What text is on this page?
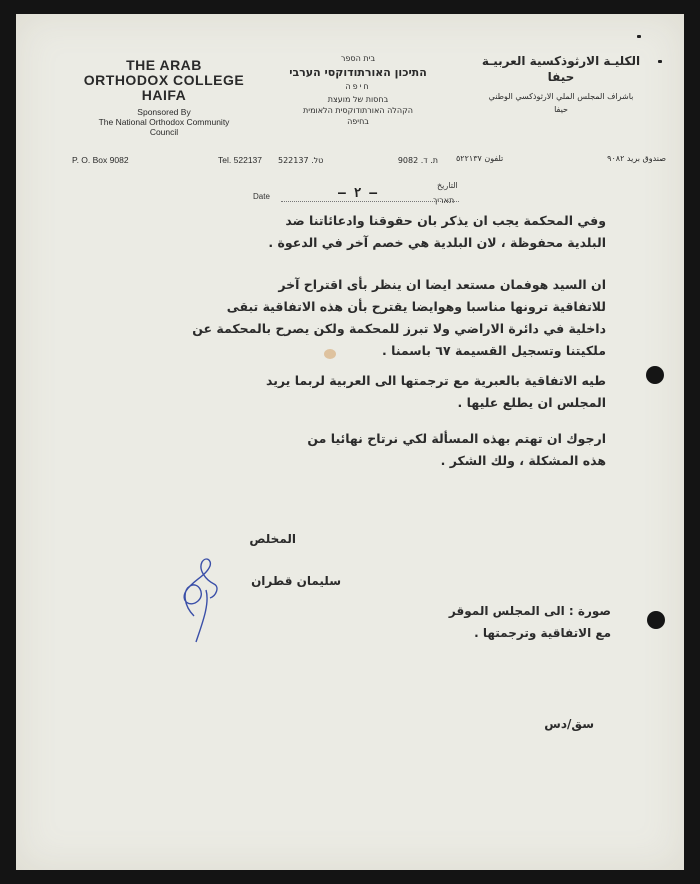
THE ARAB
ORTHODOX COLLEGE
HAIFA
Sponsored By
The National Orthodox Community
Council
P. O. Box 9082	Tel. 522137
בית הספר
התיכון האורתודוקסי הערבי
חיפה
בחסות של מועצת
הקהלה האורתודוקסית הלאומית
בחיפה
522137 .טל	ת. ד. 9082
الكليـة الارثوذكسية العربيـة
حيفا
باشراف المجلس الملي الارثوذكسي الوطني
حيفا
صندوق بريد ٩٠٨٢
تلفون ٥٢٢١٣٧
Date	— ٢ —
التاريخ
תאריך
وفي المحكمة يجب ان يذكر بان حقوقنا وادعائاتنا ضد
البلدية محفوظة ، لان البلدية هي خصم آخر في الدعوة .
ان السيد هوفمان مستعد ايضا ان ينظر بأى اقتراح آخر
للاتفاقية ترونها مناسبا وهوايضا يقترح بأن هذه الاتفاقية تبقى
داخلية في دائرة الاراضي ولا تبرز للمحكمة ولكن يصرح بالمحكمة عن
ملكيتنا وتسجيل القسيمة ٦٧ باسمنا .
طيه الاتفاقية بالعبرية مع ترجمتها الى العربية لربما يريد
المجلس ان يطلع عليها .
ارجوك ان تهتم بهذه المسألة لكي نرتاح نهائيا من
هذه المشكلة ، ولك الشكر .
المخلص
سليمان قطران
صورة : الى المجلس الموقر
مع الاتفاقية وترجمتها .
سق/دس
